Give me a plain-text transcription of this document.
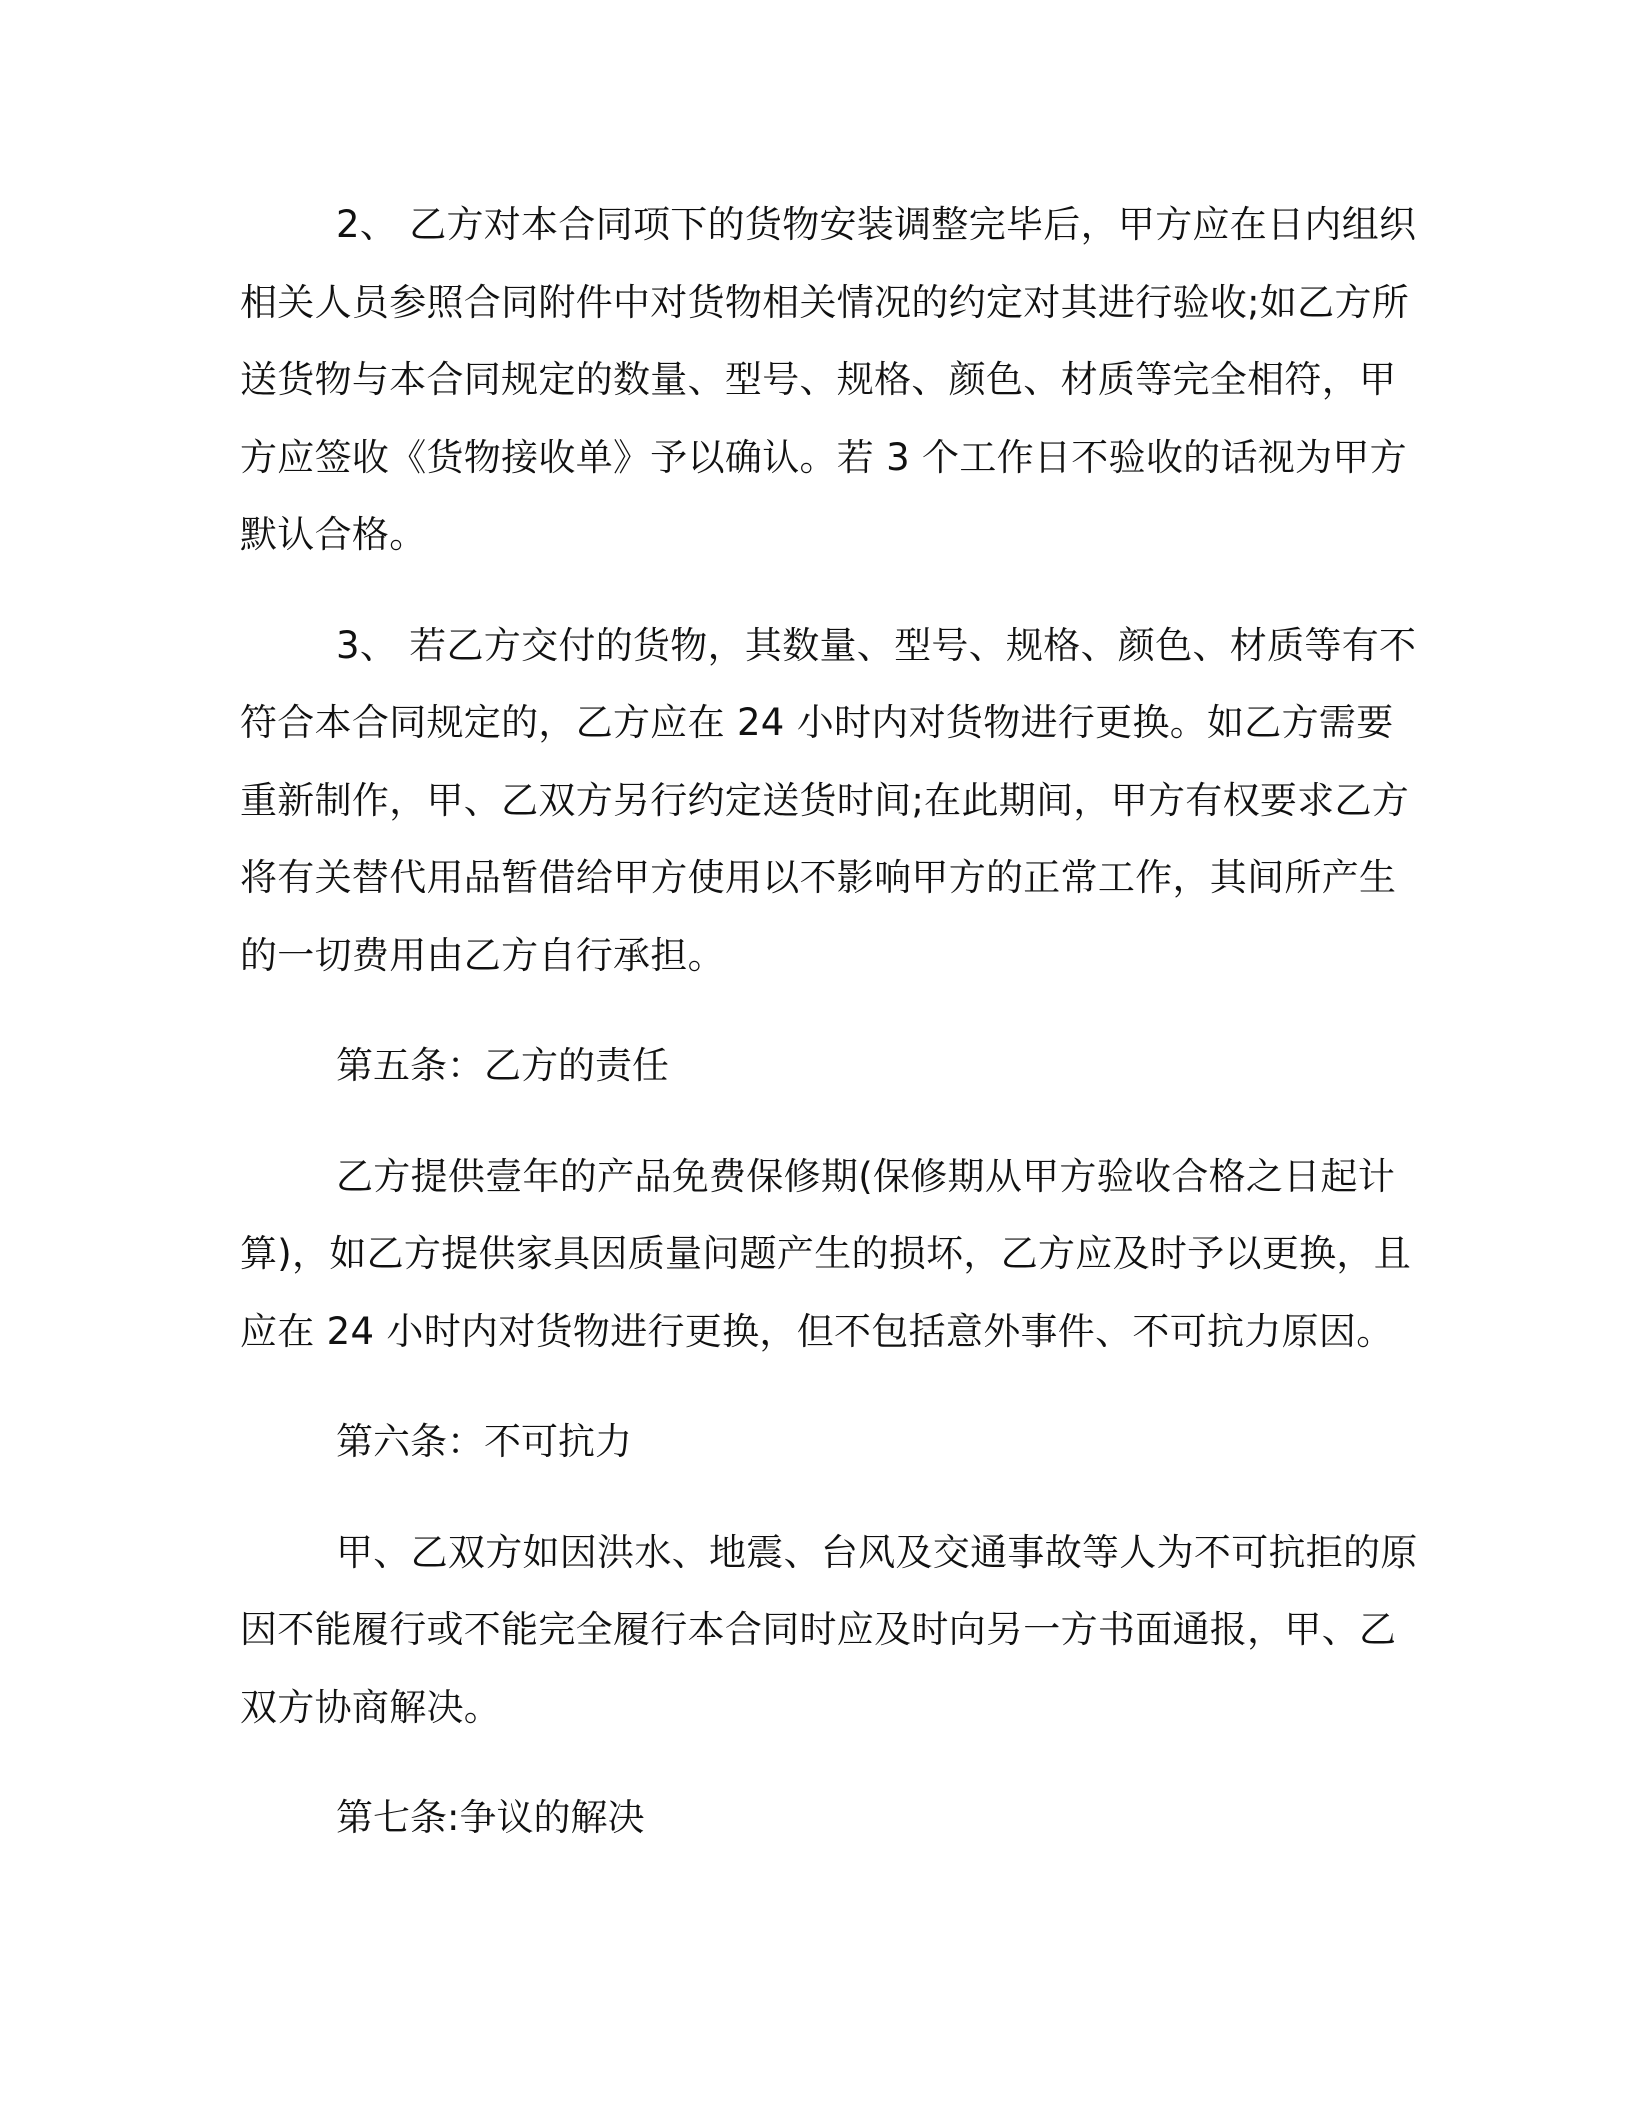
2、 乙方对本合同项下的货物安装调整完毕后，甲方应在日内组织相关人员参照合同附件中对货物相关情况的约定对其进行验收;如乙方所送货物与本合同规定的数量、型号、规格、颜色、材质等完全相符，甲方应签收《货物接收单》予以确认。若 3 个工作日不验收的话视为甲方默认合格。

3、 若乙方交付的货物，其数量、型号、规格、颜色、材质等有不符合本合同规定的，乙方应在 24 小时内对货物进行更换。如乙方需要重新制作，甲、乙双方另行约定送货时间;在此期间，甲方有权要求乙方将有关替代用品暂借给甲方使用以不影响甲方的正常工作，其间所产生的一切费用由乙方自行承担。

第五条：乙方的责任

乙方提供壹年的产品免费保修期(保修期从甲方验收合格之日起计算)，如乙方提供家具因质量问题产生的损坏，乙方应及时予以更换，且应在 24 小时内对货物进行更换，但不包括意外事件、不可抗力原因。

第六条：不可抗力

甲、乙双方如因洪水、地震、台风及交通事故等人为不可抗拒的原因不能履行或不能完全履行本合同时应及时向另一方书面通报，甲、乙双方协商解决。

第七条:争议的解决
